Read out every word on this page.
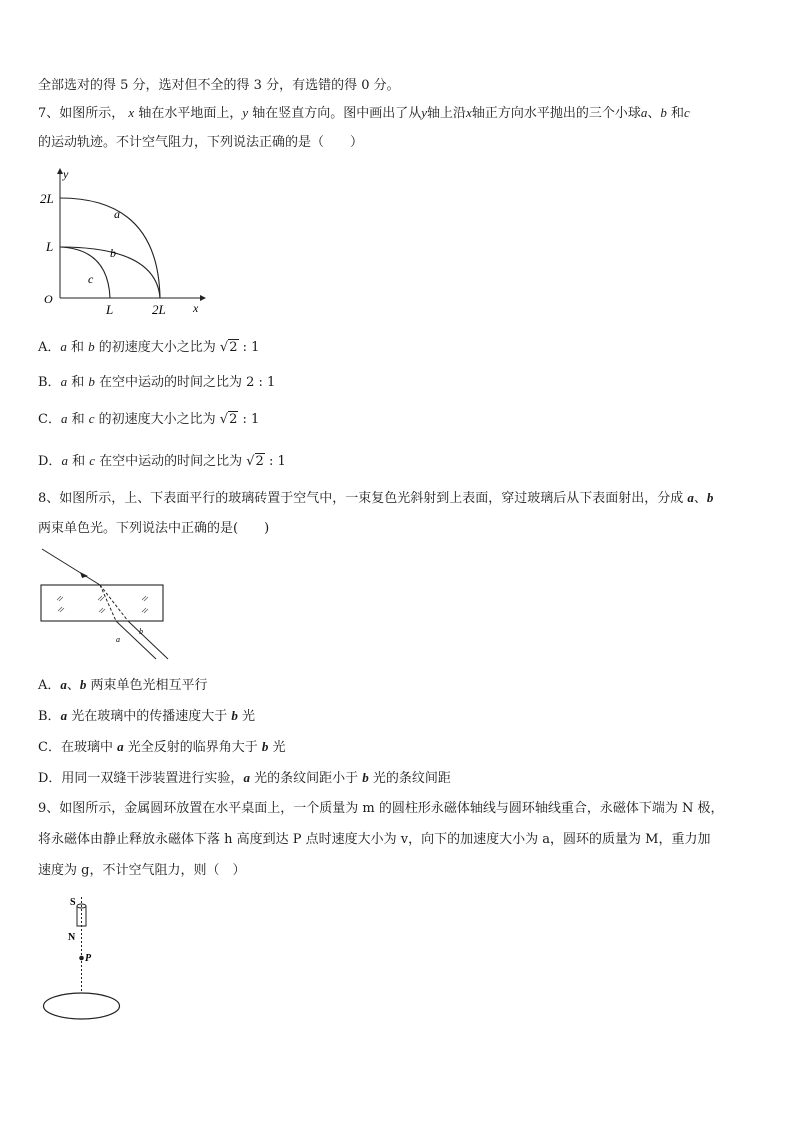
全部选对的得 5 分，选对但不全的得 3 分，有选错的得 0 分。
7、如图所示， x 轴在水平地面上，y 轴在竖直方向。图中画出了从y轴上沿x轴正方向水平抛出的三个小球a、b 和c
的运动轨迹。不计空气阻力，下列说法正确的是（　　）
y
x
O
2L
L
L	2L
a
b
c
A．a 和 b 的初速度大小之比为 √2 : 1
B．a 和 b 在空中运动的时间之比为 2 : 1
C．a 和 c 的初速度大小之比为 √2 : 1
D．a 和 c 在空中运动的时间之比为 √2 : 1
8、如图所示，上、下表面平行的玻璃砖置于空气中，一束复色光斜射到上表面，穿过玻璃后从下表面射出，分成 a、b
两束单色光。下列说法中正确的是(　　)
a
b
A．a、b 两束单色光相互平行
B．a 光在玻璃中的传播速度大于 b 光
C．在玻璃中 a 光全反射的临界角大于 b 光
D．用同一双缝干涉装置进行实验，a 光的条纹间距小于 b 光的条纹间距
9、如图所示，金属圆环放置在水平桌面上，一个质量为 m 的圆柱形永磁体轴线与圆环轴线重合，永磁体下端为 N 极，
将永磁体由静止释放永磁体下落 h 高度到达 P 点时速度大小为 v，向下的加速度大小为 a，圆环的质量为 M，重力加
速度为 g，不计空气阻力，则（　）
S
N
P
